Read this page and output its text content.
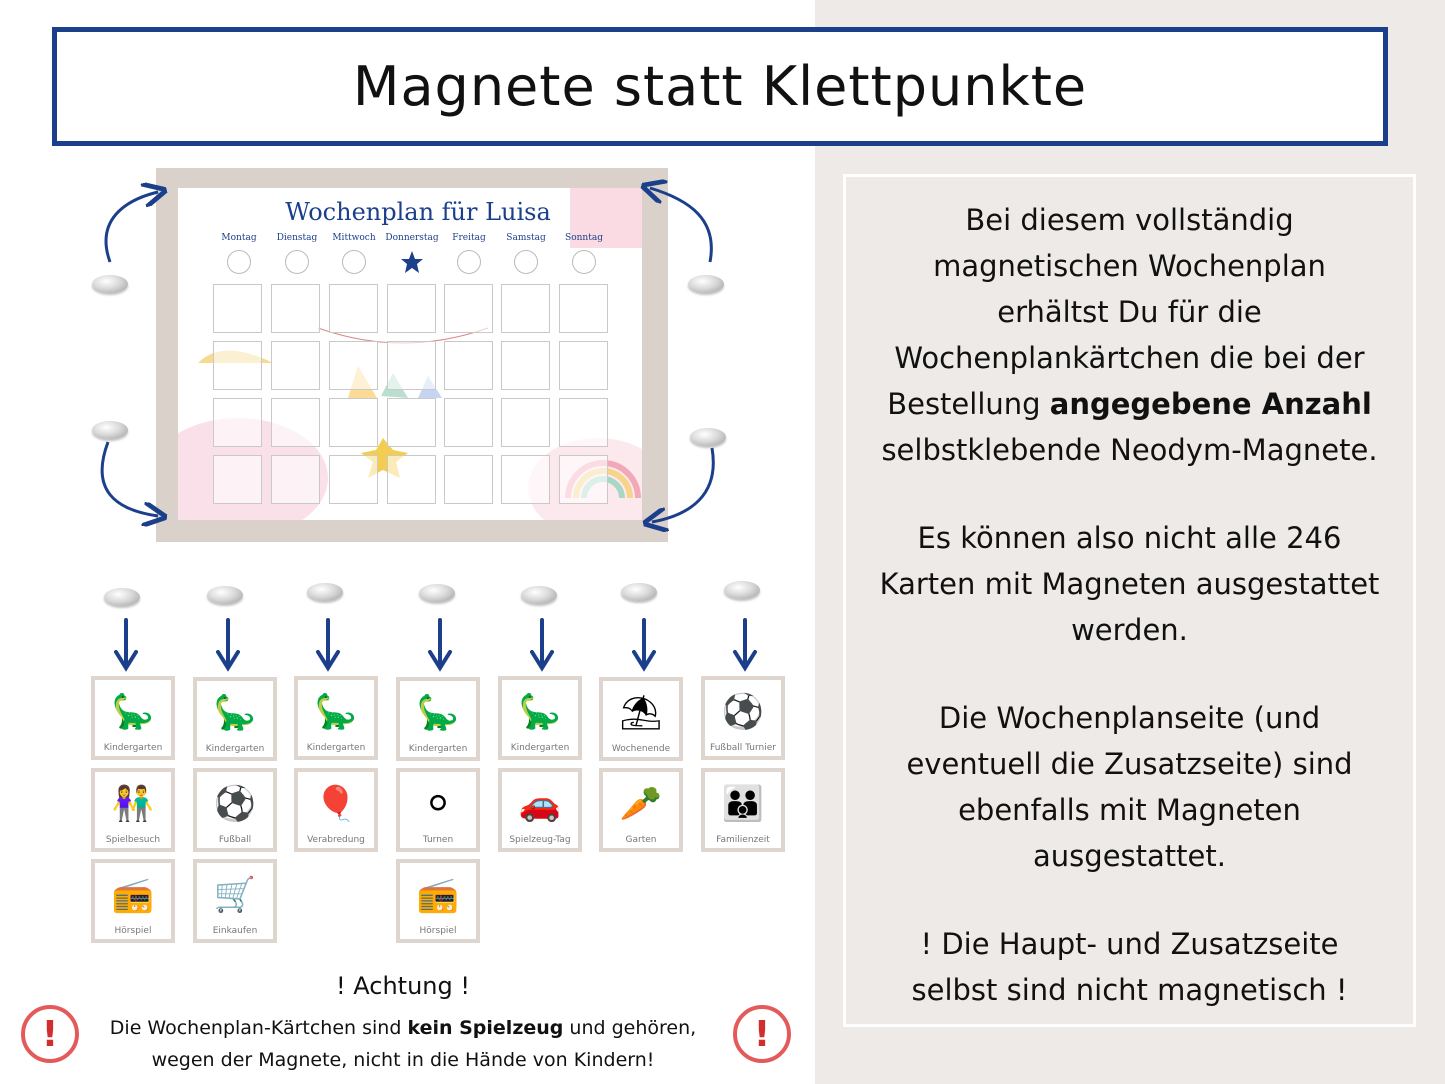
Magnete statt Klettpunkte

Bei diesem vollständig

magnetischen Wochenplan

erhältst Du für die

Wochenplankärtchen die bei der

Bestellung angegebene Anzahl

selbstklebende Neodym-Magnete.

Es können also nicht alle 246

Karten mit Magneten ausgestattet

werden.

Die Wochenplanseite (und

eventuell die Zusatzseite) sind

ebenfalls mit Magneten

ausgestattet.

! Die Haupt- und Zusatzseite

selbst sind nicht magnetisch !

Wochenplan für Luisa
Montag	Dienstag	Mittwoch	Donnerstag	Freitag	Samstag	Sonntag
🦕
Kindergarten
🦕
Kindergarten
🦕
Kindergarten
🦕
Kindergarten
🦕
Kindergarten
⛱
Wochenende
⚽
Fußball Turnier
👫
Spielbesuch
⚽
Fußball
🎈
Verabredung
⚪
Turnen
🚗
Spielzeug-Tag
🥕
Garten
👪
Familienzeit
📻
Hörspiel
🛒
Einkaufen
📻
Hörspiel
! Achtung !
Die Wochenplan-Kärtchen sind kein Spielzeug und gehören,
wegen der Magnete, nicht in die Hände von Kindern!
!	!
